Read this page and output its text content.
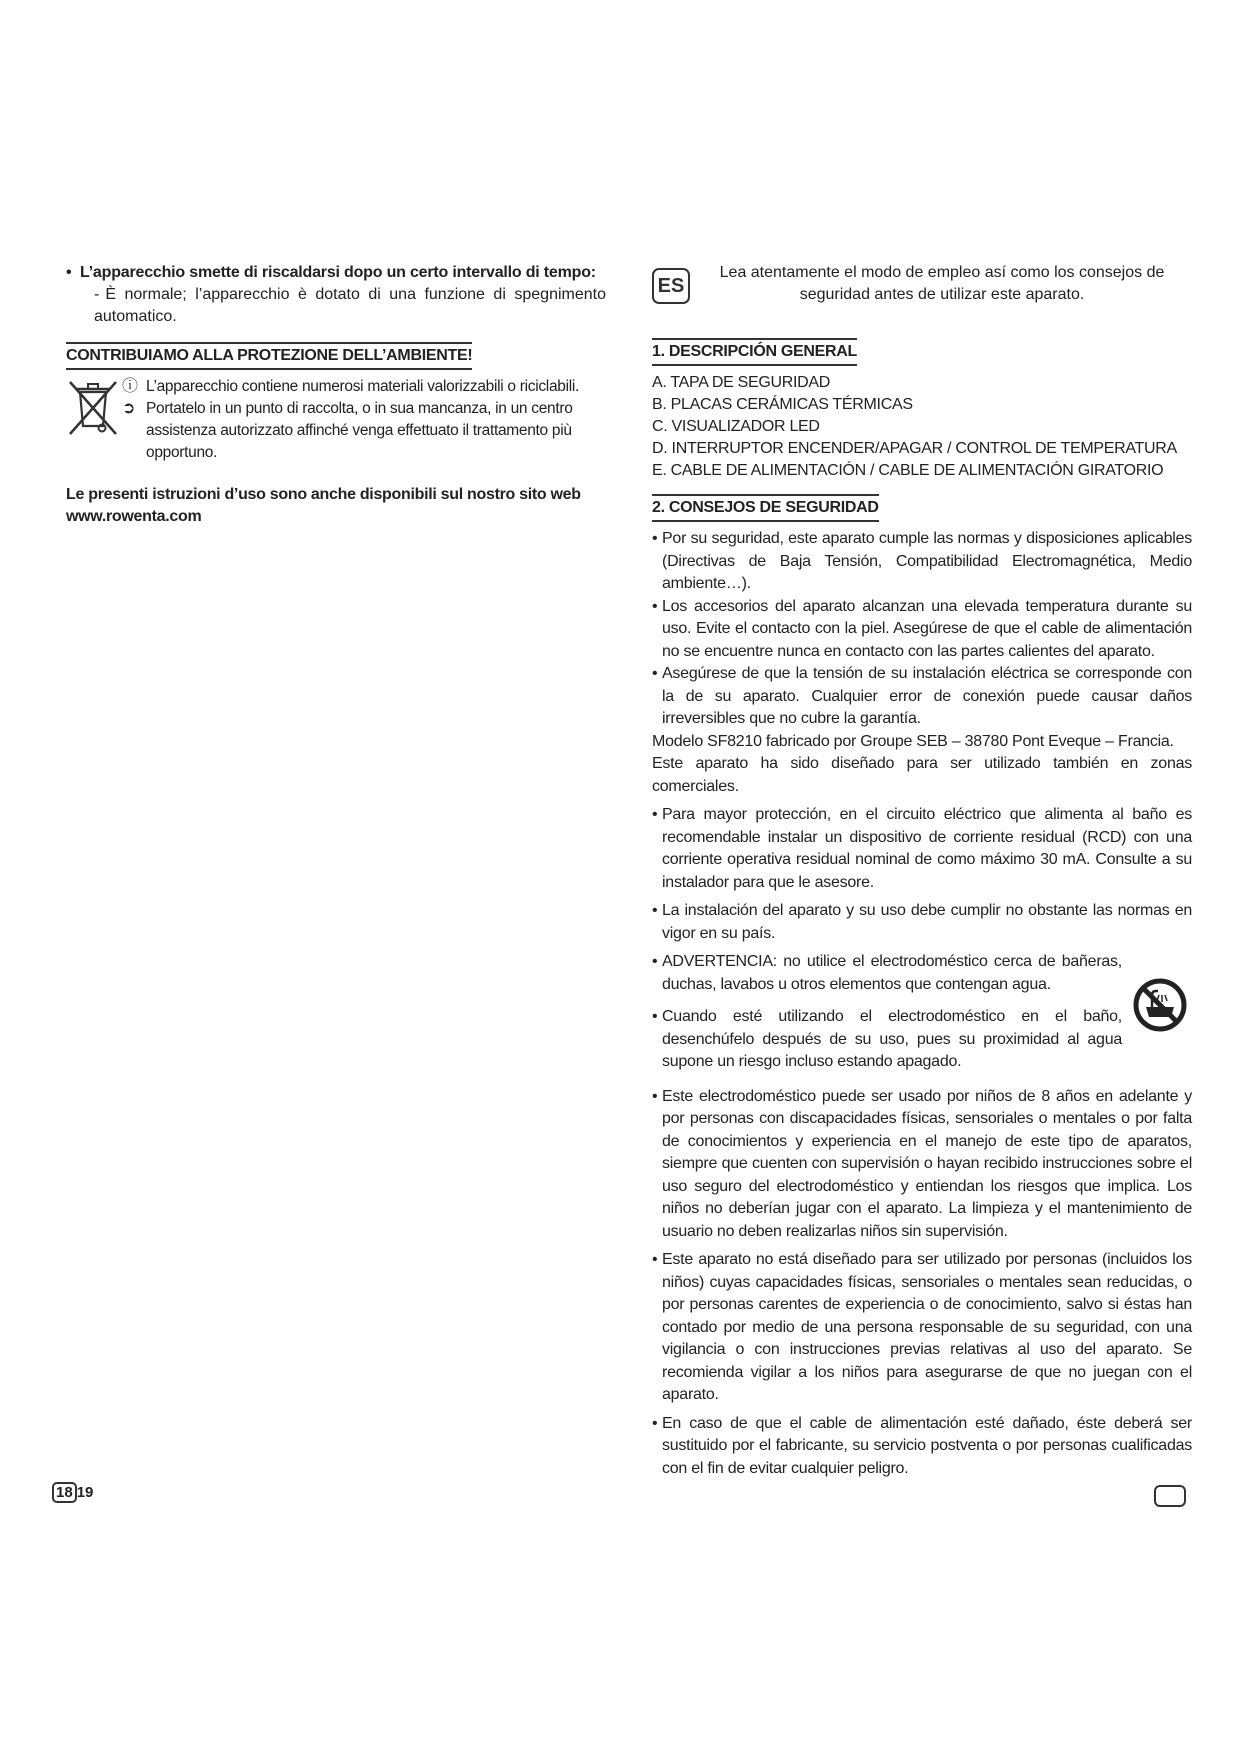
• L’apparecchio smette di riscaldarsi dopo un certo intervallo di tempo:

- È normale; l’apparecchio è dotato di una funzione di spegnimento automatico.

CONTRIBUIAMO ALLA PROTEZIONE DELL’AMBIENTE!
ⓘ L’apparecchio contiene numerosi materiali valorizzabili o riciclabili.
➲ Portatelo in un punto di raccolta, o in sua mancanza, in un centro assistenza autorizzato affinché venga effettuato il trattamento più opportuno.
Le presenti istruzioni d’uso sono anche disponibili sul nostro sito web www.rowenta.com
ES
Lea atentamente el modo de empleo así como los consejos de seguridad antes de utilizar este aparato.
1. DESCRIPCIÓN GENERAL
A. TAPA DE SEGURIDAD
B. PLACAS CERÁMICAS TÉRMICAS
C. VISUALIZADOR LED
D. INTERRUPTOR ENCENDER/APAGAR / CONTROL DE TEMPERATURA
E. CABLE DE ALIMENTACIÓN / CABLE DE ALIMENTACIÓN GIRATORIO
2. CONSEJOS DE SEGURIDAD
• Por su seguridad, este aparato cumple las normas y disposiciones aplicables (Directivas de Baja Tensión, Compatibilidad Electromagnética, Medio ambiente…).
• Los accesorios del aparato alcanzan una elevada temperatura durante su uso. Evite el contacto con la piel. Asegúrese de que el cable de alimentación no se encuentre nunca en contacto con las partes calientes del aparato.
• Asegúrese de que la tensión de su instalación eléctrica se corresponde con la de su aparato. Cualquier error de conexión puede causar daños irreversibles que no cubre la garantía.
Modelo SF8210 fabricado por Groupe SEB – 38780 Pont Eveque – Francia.
Este aparato ha sido diseñado para ser utilizado también en zonas comerciales.
• Para mayor protección, en el circuito eléctrico que alimenta al baño es recomendable instalar un dispositivo de corriente residual (RCD) con una corriente operativa residual nominal de como máximo 30 mA. Consulte a su instalador para que le asesore.
• La instalación del aparato y su uso debe cumplir no obstante las normas en vigor en su país.
• ADVERTENCIA: no utilice el electrodoméstico cerca de bañeras, duchas, lavabos u otros elementos que contengan agua.
• Cuando esté utilizando el electrodoméstico en el baño, desenchúfelo después de su uso, pues su proximidad al agua supone un riesgo incluso estando apagado.
• Este electrodoméstico puede ser usado por niños de 8 años en adelante y por personas con discapacidades físicas, sensoriales o mentales o por falta de conocimientos y experiencia en el manejo de este tipo de aparatos, siempre que cuenten con supervisión o hayan recibido instrucciones sobre el uso seguro del electrodoméstico y entiendan los riesgos que implica. Los niños no deberían jugar con el aparato. La limpieza y el mantenimiento de usuario no deben realizarlas niños sin supervisión.
• Este aparato no está diseñado para ser utilizado por personas (incluidos los niños) cuyas capacidades físicas, sensoriales o mentales sean reducidas, o por personas carentes de experiencia o de conocimiento, salvo si éstas han contado por medio de una persona responsable de su seguridad, con una vigilancia o con instrucciones previas relativas al uso del aparato. Se recomienda vigilar a los niños para asegurarse de que no juegan con el aparato.
• En caso de que el cable de alimentación esté dañado, éste deberá ser sustituido por el fabricante, su servicio postventa o por personas cualificadas con el fin de evitar cualquier peligro.
18 19
